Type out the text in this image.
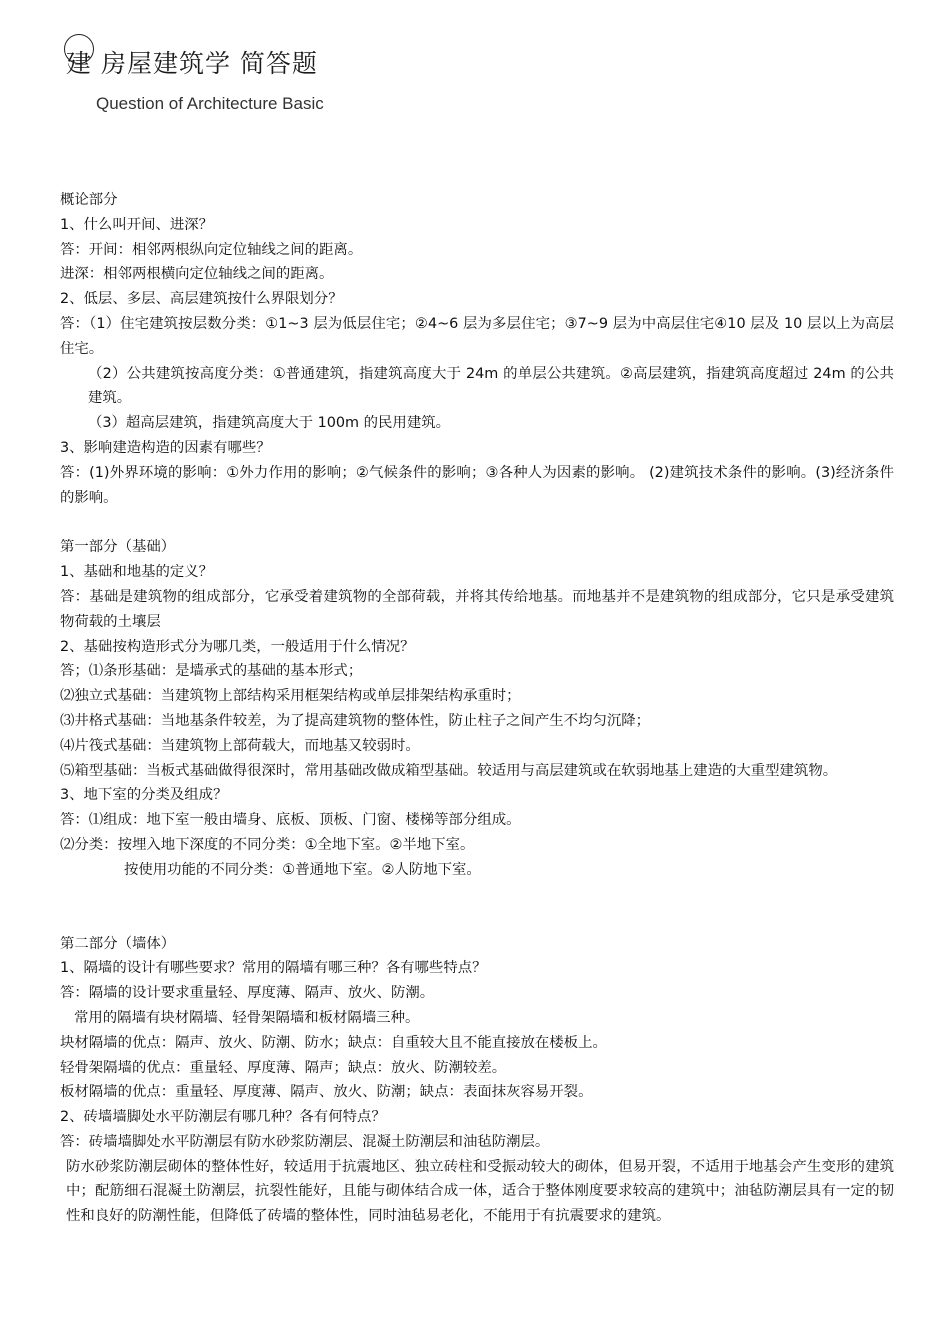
建 房屋建筑学 简答题
Question of Architecture Basic

概论部分

1、什么叫开间、进深？

答：开间：相邻两根纵向定位轴线之间的距离。

进深：相邻两根横向定位轴线之间的距离。

2、低层、多层、高层建筑按什么界限划分？

答：（1）住宅建筑按层数分类：①1~3 层为低层住宅；②4~6 层为多层住宅；③7~9 层为中高层住宅④10 层及 10 层以上为高层住宅。

（2）公共建筑按高度分类：①普通建筑，指建筑高度大于 24m 的单层公共建筑。②高层建筑，指建筑高度超过 24m 的公共建筑。

（3）超高层建筑，指建筑高度大于 100m 的民用建筑。

3、影响建造构造的因素有哪些？

答：(1)外界环境的影响：①外力作用的影响；②气候条件的影响；③各种人为因素的影响。 (2)建筑技术条件的影响。(3)经济条件的影响。

第一部分（基础）

1、基础和地基的定义？

答：基础是建筑物的组成部分，它承受着建筑物的全部荷载，并将其传给地基。而地基并不是建筑物的组成部分，它只是承受建筑物荷载的土壤层

2、基础按构造形式分为哪几类，一般适用于什么情况？

答；⑴条形基础：是墙承式的基础的基本形式；

⑵独立式基础：当建筑物上部结构采用框架结构或单层排架结构承重时；

⑶井格式基础：当地基条件较差，为了提高建筑物的整体性，防止柱子之间产生不均匀沉降；

⑷片筏式基础：当建筑物上部荷载大，而地基又较弱时。

⑸箱型基础：当板式基础做得很深时，常用基础改做成箱型基础。较适用与高层建筑或在软弱地基上建造的大重型建筑物。

3、地下室的分类及组成？

答：⑴组成：地下室一般由墙身、底板、顶板、门窗、楼梯等部分组成。

⑵分类：按埋入地下深度的不同分类：①全地下室。②半地下室。

按使用功能的不同分类：①普通地下室。②人防地下室。

第二部分（墙体）

1、隔墙的设计有哪些要求？常用的隔墙有哪三种？各有哪些特点？

答：隔墙的设计要求重量轻、厚度薄、隔声、放火、防潮。

常用的隔墙有块材隔墙、轻骨架隔墙和板材隔墙三种。

块材隔墙的优点：隔声、放火、防潮、防水；缺点：自重较大且不能直接放在楼板上。

轻骨架隔墙的优点：重量轻、厚度薄、隔声；缺点：放火、防潮较差。

板材隔墙的优点：重量轻、厚度薄、隔声、放火、防潮；缺点：表面抹灰容易开裂。

2、砖墙墙脚处水平防潮层有哪几种？各有何特点？

答：砖墙墙脚处水平防潮层有防水砂浆防潮层、混凝土防潮层和油毡防潮层。

防水砂浆防潮层砌体的整体性好，较适用于抗震地区、独立砖柱和受振动较大的砌体，但易开裂，不适用于地基会产生变形的建筑中；配筋细石混凝土防潮层，抗裂性能好，且能与砌体结合成一体，适合于整体刚度要求较高的建筑中；油毡防潮层具有一定的韧性和良好的防潮性能，但降低了砖墙的整体性，同时油毡易老化，不能用于有抗震要求的建筑。
